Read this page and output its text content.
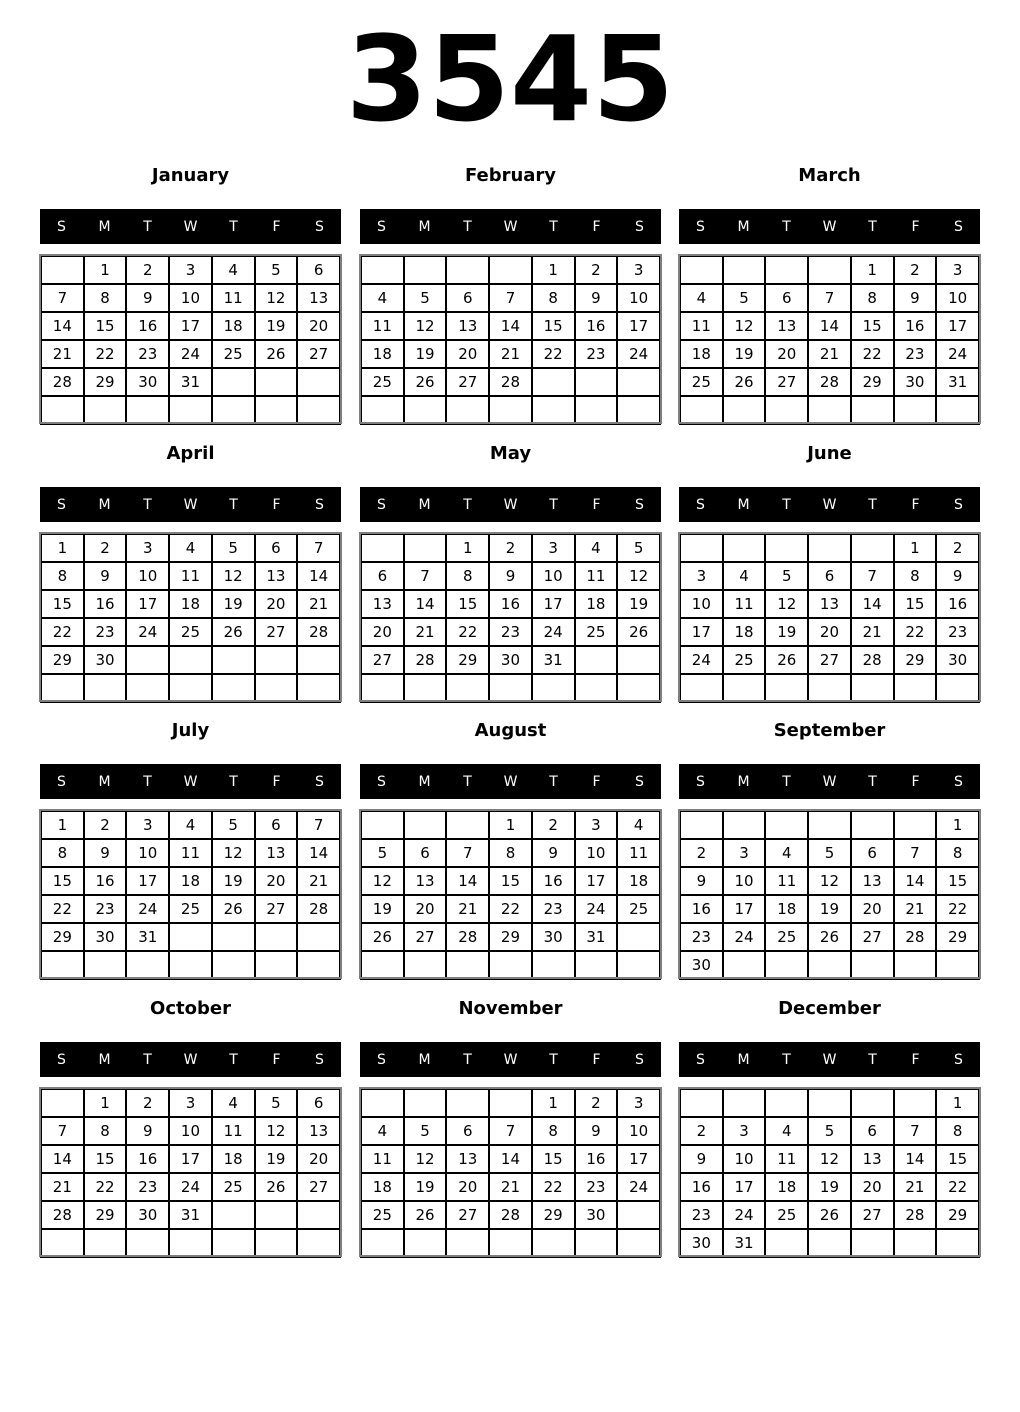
3545
January
S	M	T	W	T	F	S
	1	2	3	4	5	6
7	8	9	10	11	12	13
14	15	16	17	18	19	20
21	22	23	24	25	26	27
28	29	30	31			

February
S	M	T	W	T	F	S
				1	2	3
4	5	6	7	8	9	10
11	12	13	14	15	16	17
18	19	20	21	22	23	24
25	26	27	28			

March
S	M	T	W	T	F	S
				1	2	3
4	5	6	7	8	9	10
11	12	13	14	15	16	17
18	19	20	21	22	23	24
25	26	27	28	29	30	31

April
S	M	T	W	T	F	S
1	2	3	4	5	6	7
8	9	10	11	12	13	14
15	16	17	18	19	20	21
22	23	24	25	26	27	28
29	30					

May
S	M	T	W	T	F	S
		1	2	3	4	5
6	7	8	9	10	11	12
13	14	15	16	17	18	19
20	21	22	23	24	25	26
27	28	29	30	31		

June
S	M	T	W	T	F	S
					1	2
3	4	5	6	7	8	9
10	11	12	13	14	15	16
17	18	19	20	21	22	23
24	25	26	27	28	29	30

July
S	M	T	W	T	F	S
1	2	3	4	5	6	7
8	9	10	11	12	13	14
15	16	17	18	19	20	21
22	23	24	25	26	27	28
29	30	31				

August
S	M	T	W	T	F	S
			1	2	3	4
5	6	7	8	9	10	11
12	13	14	15	16	17	18
19	20	21	22	23	24	25
26	27	28	29	30	31	

September
S	M	T	W	T	F	S
						1
2	3	4	5	6	7	8
9	10	11	12	13	14	15
16	17	18	19	20	21	22
23	24	25	26	27	28	29
30						
October
S	M	T	W	T	F	S
	1	2	3	4	5	6
7	8	9	10	11	12	13
14	15	16	17	18	19	20
21	22	23	24	25	26	27
28	29	30	31			

November
S	M	T	W	T	F	S
				1	2	3
4	5	6	7	8	9	10
11	12	13	14	15	16	17
18	19	20	21	22	23	24
25	26	27	28	29	30	

December
S	M	T	W	T	F	S
						1
2	3	4	5	6	7	8
9	10	11	12	13	14	15
16	17	18	19	20	21	22
23	24	25	26	27	28	29
30	31					
